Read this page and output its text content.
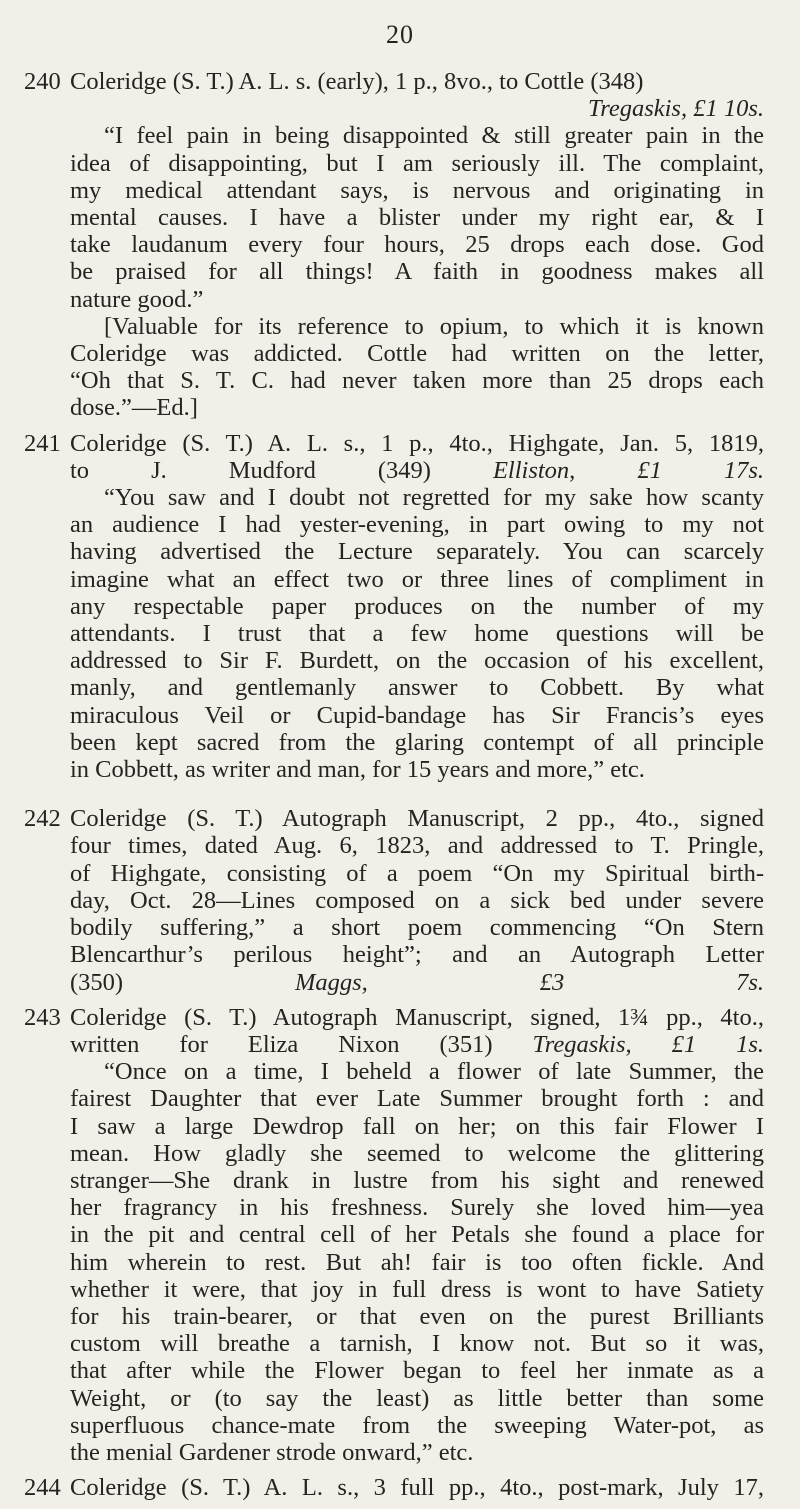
20
240 Coleridge (S. T.) A. L. s. (early), 1 p., 8vo., to Cottle (348)
Tregaskis, £1 10s.
“I feel pain in being disappointed & still greater pain in the
idea of disappointing, but I am seriously ill. The complaint,
my medical attendant says, is nervous and originating in
mental causes. I have a blister under my right ear, & I
take laudanum every four hours, 25 drops each dose. God
be praised for all things! A faith in goodness makes all
nature good.”
[Valuable for its reference to opium, to which it is known
Coleridge was addicted. Cottle had written on the letter,
“Oh that S. T. C. had never taken more than 25 drops each
dose.”—Ed.]
241 Coleridge (S. T.) A. L. s., 1 p., 4to., Highgate, Jan. 5, 1819,
to J. Mudford (349)	Elliston, £1 17s.
“You saw and I doubt not regretted for my sake how scanty
an audience I had yester-evening, in part owing to my not
having advertised the Lecture separately. You can scarcely
imagine what an effect two or three lines of compliment in
any respectable paper produces on the number of my
attendants. I trust that a few home questions will be
addressed to Sir F. Burdett, on the occasion of his excellent,
manly, and gentlemanly answer to Cobbett. By what
miraculous Veil or Cupid-bandage has Sir Francis’s eyes
been kept sacred from the glaring contempt of all principle
in Cobbett, as writer and man, for 15 years and more,” etc.
242 Coleridge (S. T.) Autograph Manuscript, 2 pp., 4to., signed
four times, dated Aug. 6, 1823, and addressed to T. Pringle,
of Highgate, consisting of a poem “On my Spiritual birth-
day, Oct. 28—Lines composed on a sick bed under severe
bodily suffering,” a short poem commencing “On Stern
Blencarthur’s perilous height”; and an Autograph Letter
(350)	Maggs, £3 7s.
243 Coleridge (S. T.) Autograph Manuscript, signed, 1¾ pp., 4to.,
written for Eliza Nixon (351) Tregaskis, £1 1s.
“Once on a time, I beheld a flower of late Summer, the
fairest Daughter that ever Late Summer brought forth : and
I saw a large Dewdrop fall on her; on this fair Flower I
mean. How gladly she seemed to welcome the glittering
stranger—She drank in lustre from his sight and renewed
her fragrancy in his freshness. Surely she loved him—yea
in the pit and central cell of her Petals she found a place for
him wherein to rest. But ah! fair is too often fickle. And
whether it were, that joy in full dress is wont to have Satiety
for his train-bearer, or that even on the purest Brilliants
custom will breathe a tarnish, I know not. But so it was,
that after while the Flower began to feel her inmate as a
Weight, or (to say the least) as little better than some
superfluous chance-mate from the sweeping Water-pot, as
the menial Gardener strode onward,” etc.
244 Coleridge (S. T.) A. L. s., 3 full pp., 4to., post-mark, July 17,
